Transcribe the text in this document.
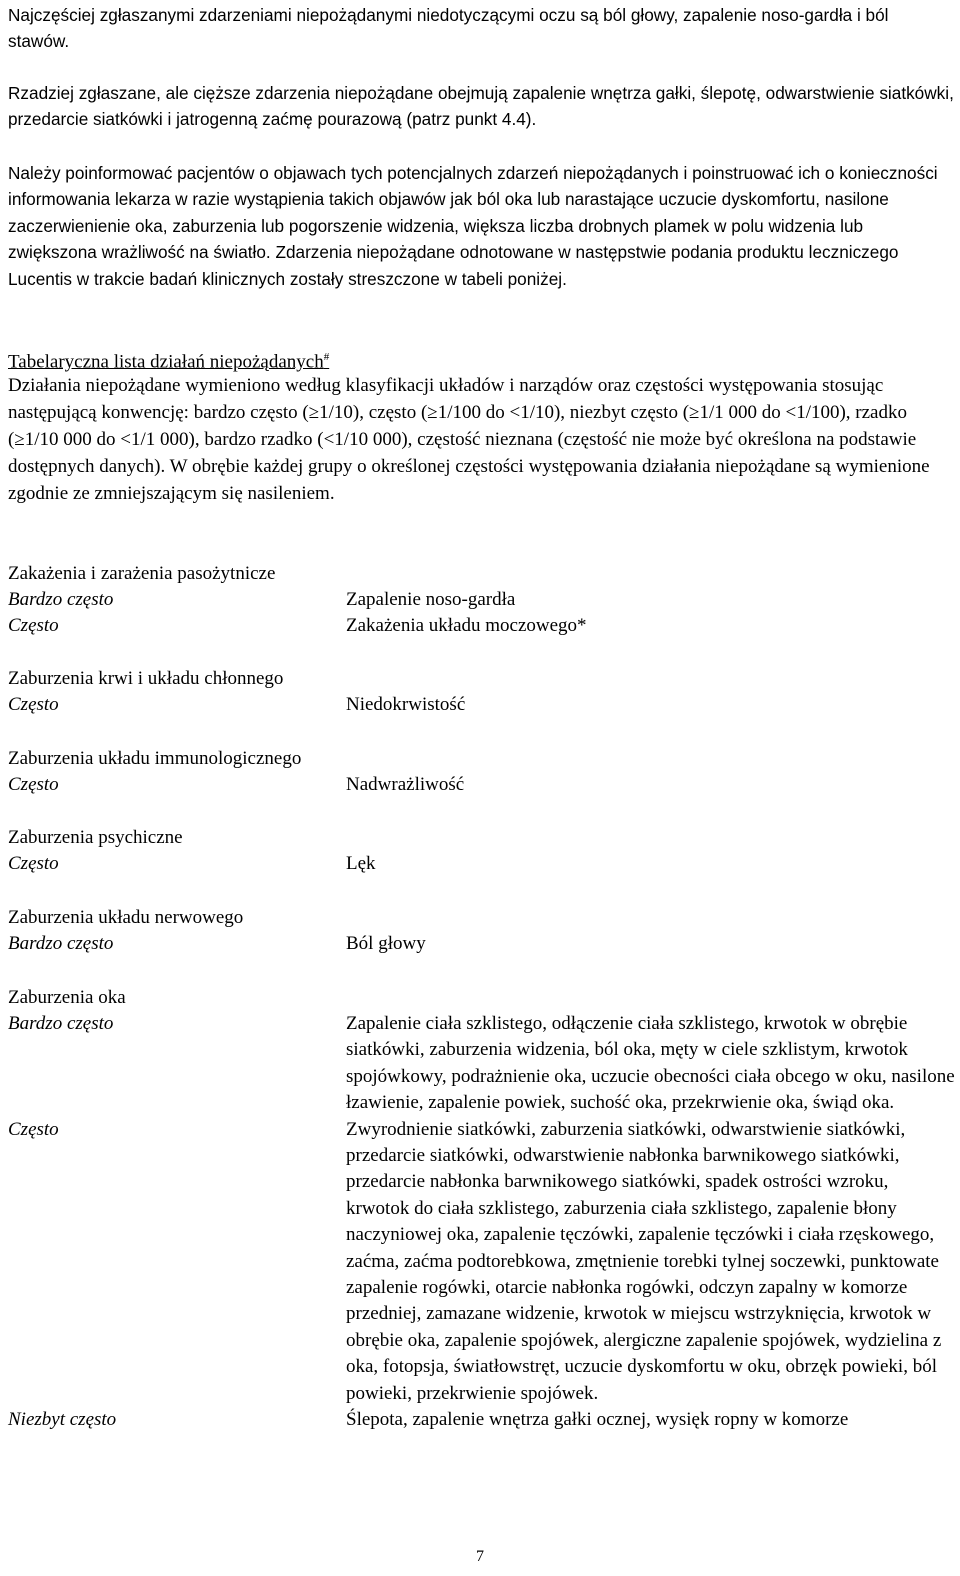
Najczęściej zgłaszanymi zdarzeniami niepożądanymi niedotyczącymi oczu są ból głowy, zapalenie noso-gardła i ból stawów.

Rzadziej zgłaszane, ale cięższe zdarzenia niepożądane obejmują zapalenie wnętrza gałki, ślepotę, odwarstwienie siatkówki, przedarcie siatkówki i jatrogenną zaćmę pourazową (patrz punkt 4.4).

Należy poinformować pacjentów o objawach tych potencjalnych zdarzeń niepożądanych i poinstruować ich o konieczności informowania lekarza w razie wystąpienia takich objawów jak ból oka lub narastające uczucie dyskomfortu, nasilone zaczerwienienie oka, zaburzenia lub pogorszenie widzenia, większa liczba drobnych plamek w polu widzenia lub zwiększona wrażliwość na światło. Zdarzenia niepożądane odnotowane w następstwie podania produktu leczniczego Lucentis w trakcie badań klinicznych zostały streszczone w tabeli poniżej.

Tabelaryczna lista działań niepożądanych#

Działania niepożądane wymieniono według klasyfikacji układów i narządów oraz częstości występowania stosując następującą konwencję: bardzo często (≥1/10), często (≥1/100 do <1/10), niezbyt często (≥1/1 000 do <1/100), rzadko (≥1/10 000 do <1/1 000), bardzo rzadko (<1/10 000), częstość nieznana (częstość nie może być określona na podstawie dostępnych danych). W obrębie każdej grupy o określonej częstości występowania działania niepożądane są wymienione zgodnie ze zmniejszającym się nasileniem.

Zakażenia i zarażenia pasożytnicze

Bardzo często	Zapalenie noso-gardła
Często	Zakażenia układu moczowego*

Zaburzenia krwi i układu chłonnego

Często	Niedokrwistość

Zaburzenia układu immunologicznego

Często	Nadwrażliwość

Zaburzenia psychiczne

Często	Lęk

Zaburzenia układu nerwowego

Bardzo często	Ból głowy

Zaburzenia oka

Bardzo często	Zapalenie ciała szklistego, odłączenie ciała szklistego, krwotok w obrębie siatkówki, zaburzenia widzenia, ból oka, męty w ciele szklistym, krwotok spojówkowy, podrażnienie oka, uczucie obecności ciała obcego w oku, nasilone łzawienie, zapalenie powiek, suchość oka, przekrwienie oka, świąd oka.
Często	Zwyrodnienie siatkówki, zaburzenia siatkówki, odwarstwienie siatkówki, przedarcie siatkówki, odwarstwienie nabłonka barwnikowego siatkówki, przedarcie nabłonka barwnikowego siatkówki, spadek ostrości wzroku, krwotok do ciała szklistego, zaburzenia ciała szklistego, zapalenie błony naczyniowej oka, zapalenie tęczówki, zapalenie tęczówki i ciała rzęskowego, zaćma, zaćma podtorebkowa, zmętnienie torebki tylnej soczewki, punktowate zapalenie rogówki, otarcie nabłonka rogówki, odczyn zapalny w komorze przedniej, zamazane widzenie, krwotok w miejscu wstrzyknięcia, krwotok w obrębie oka, zapalenie spojówek, alergiczne zapalenie spojówek, wydzielina z oka, fotopsja, światłowstręt, uczucie dyskomfortu w oku, obrzęk powieki, ból powieki, przekrwienie spojówek.
Niezbyt często	Ślepota, zapalenie wnętrza gałki ocznej, wysięk ropny w komorze
7
